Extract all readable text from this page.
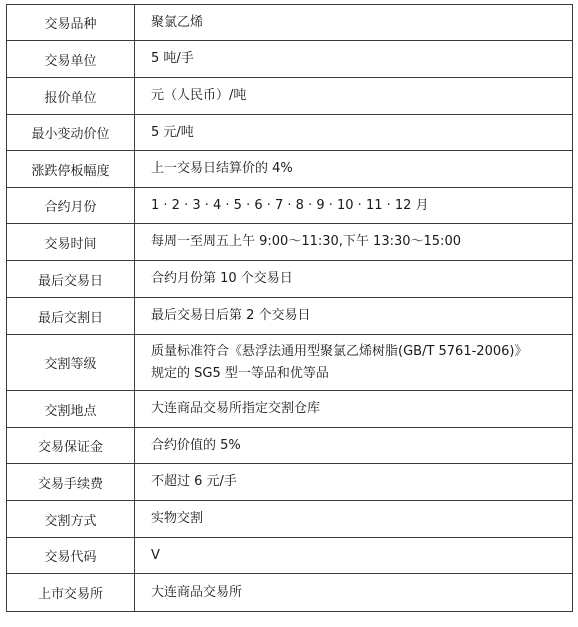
交易品种	聚氯乙烯
交易单位	5 吨/手
报价单位	元（人民币）/吨
最小变动价位	5 元/吨
涨跌停板幅度	上一交易日结算价的 4%
合约月份	1 · 2 · 3 · 4 · 5 · 6 · 7 · 8 · 9 · 10 · 11 · 12 月
交易时间	每周一至周五上午 9:00～11:30,下午 13:30～15:00
最后交易日	合约月份第 10 个交易日
最后交割日	最后交易日后第 2 个交易日
交割等级	质量标准符合《悬浮法通用型聚氯乙烯树脂(GB/T 5761-2006)》
规定的 SG5 型一等品和优等品

交割地点	大连商品交易所指定交割仓库
交易保证金	合约价值的 5%
交易手续费	不超过 6 元/手
交割方式	实物交割
交易代码	V
上市交易所	大连商品交易所
